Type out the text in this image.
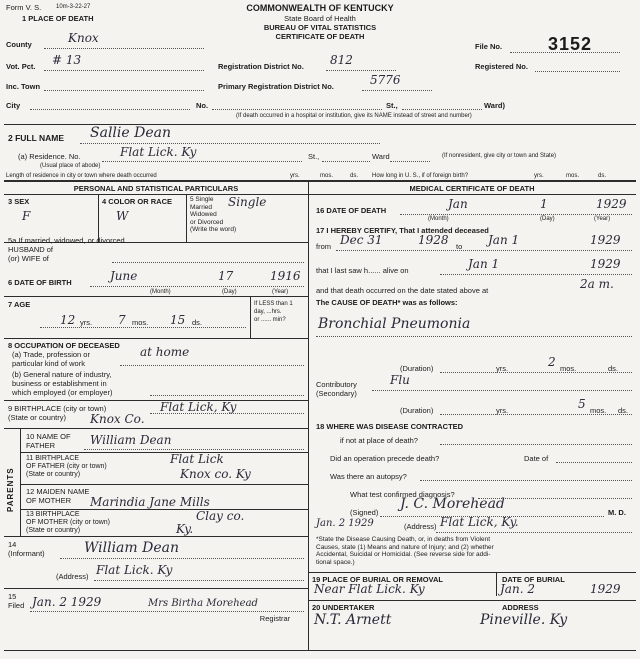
Form V. S. 10m-3-22-27
1 PLACE OF DEATH
COMMONWEALTH OF KENTUCKY
State Board of Health
BUREAU OF VITAL STATISTICS
CERTIFICATE OF DEATH
File No.	3152
County	Knox
Registered No.
Vot. Pct. # 13	Registration District No. 812
Inc. Town	Primary Registration District No.	5776
City	No.	St.,	Ward)
(If death occurred in a hospital or institution, give its NAME instead of street and number)
2 FULL NAME Sallie Dean
(a) Residence. No.	Flat Lick. Ky	St.,	Ward
(Usual place of abode)
(If nonresident, give city or town and State)
Length of residence in city or town where death occurred	yrs.	mos.	ds. How long in U. S., if of foreign birth?	yrs.	mos.	ds.
PERSONAL AND STATISTICAL PARTICULARS	MEDICAL CERTIFICATE OF DEATH
3 SEX
F
4 COLOR OR RACE
W
5 Single
Married
Widowed
or Divorced
(Write the word)
Single
5a If married, widowed, or divorced
HUSBAND of
(or) WIFE of
6 DATE OF BIRTH	June	17	1916
(Month)	(Day)	(Year)
7 AGE
12 yrs. 7 mos. 15 ds.
If LESS than 1
day, ...hrs.
or ...... min?
8 OCCUPATION OF DECEASED
(a) Trade, profession or
particular kind of work
at home
(b) General nature of industry,
business or establishment in
which employed (or employer)
9 BIRTHPLACE (city or town)
(State or country)
Flat Lick, Ky
Knox Co.
PARENTS
10 NAME OF
FATHER	William Dean
11 BIRTHPLACE
OF FATHER (city or town)
(State or country)
Flat Lick
Knox co. Ky
12 MAIDEN NAME
OF MOTHER	Marindia Jane Mills
13 BIRTHPLACE
OF MOTHER (city or town)
(State or country)
Clay co.
Ky.
14
(Informant)	William Dean
(Address) Flat Lick. Ky
15
Filed Jan. 2 1929	Mrs Birtha Morehead
Registrar
16 DATE OF DEATH	Jan	1	1929
(Month)	(Day)	(Year)
17 I HEREBY CERTIFY, That I attended deceased
from Dec 31	1928 to Jan 1	1929
that I last saw h...... alive on	Jan 1	1929
and that death occurred on the date stated above at	2a m.
The CAUSE OF DEATH* was as follows:
Bronchial Pneumonia
(Duration)	yrs.	2 mos.	ds.
Contributory
(Secondary)
Flu
(Duration)	yrs.	5 mos. ds.
18 WHERE WAS DISEASE CONTRACTED
if not at place of death?
Did an operation precede death?	Date of
Was there an autopsy?
What test confirmed diagnosis?
(Signed)
J. C. Morehead
M. D.
Jan. 2 1929	(Address) Flat Lick, Ky.
*State the Disease Causing Death, or, in deaths from Violent
Causes, state (1) Means and nature of Injury; and (2) whether
Accidental, Suicidal or Homicidal. (See reverse side for addi-
tional space.)
19 PLACE OF BURIAL OR REMOVAL	DATE OF BURIAL
Near Flat Lick. Ky	Jan. 2	1929
20 UNDERTAKER	ADDRESS
N.T. Arnett	Pineville. Ky
